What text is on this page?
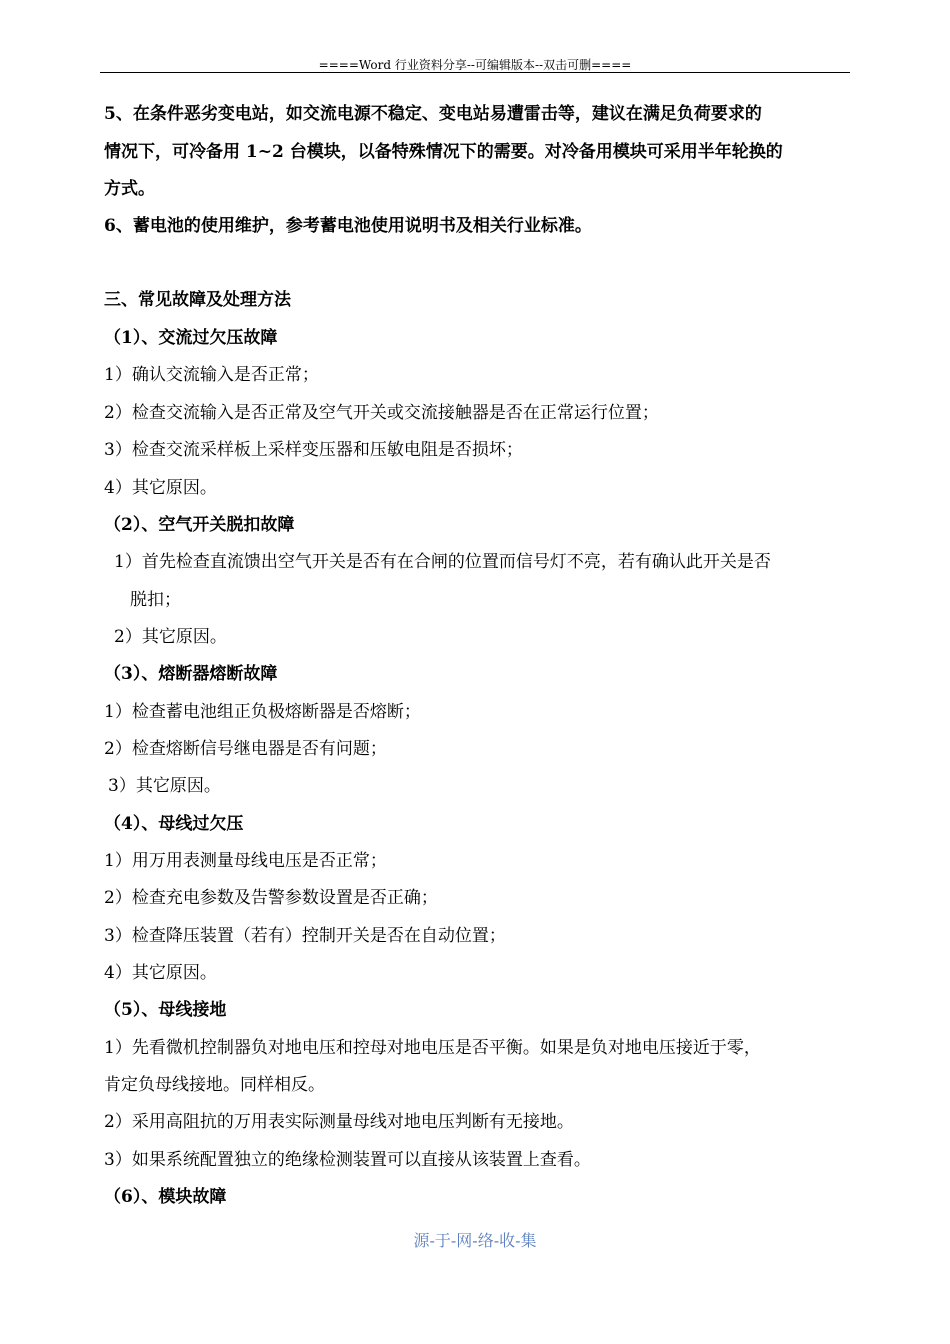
====Word 行业资料分享--可编辑版本--双击可删====
5、在条件恶劣变电站，如交流电源不稳定、变电站易遭雷击等，建议在满足负荷要求的
情况下，可冷备用 1~2 台模块，以备特殊情况下的需要。对冷备用模块可采用半年轮换的
方式。
6、蓄电池的使用维护，参考蓄电池使用说明书及相关行业标准。
三、常见故障及处理方法
（1）、交流过欠压故障
1）确认交流输入是否正常；
2）检查交流输入是否正常及空气开关或交流接触器是否在正常运行位置；
3）检查交流采样板上采样变压器和压敏电阻是否损坏；
4）其它原因。
（2）、空气开关脱扣故障
1）首先检查直流馈出空气开关是否有在合闸的位置而信号灯不亮，若有确认此开关是否
脱扣；
2）其它原因。
（3）、熔断器熔断故障
1）检查蓄电池组正负极熔断器是否熔断；
2）检查熔断信号继电器是否有问题；
3）其它原因。
（4）、母线过欠压
1）用万用表测量母线电压是否正常；
2）检查充电参数及告警参数设置是否正确；
3）检查降压装置（若有）控制开关是否在自动位置；
4）其它原因。
（5）、母线接地
1）先看微机控制器负对地电压和控母对地电压是否平衡。如果是负对地电压接近于零，
肯定负母线接地。同样相反。
2）采用高阻抗的万用表实际测量母线对地电压判断有无接地。
3）如果系统配置独立的绝缘检测装置可以直接从该装置上查看。
（6）、模块故障
源-于-网-络-收-集
